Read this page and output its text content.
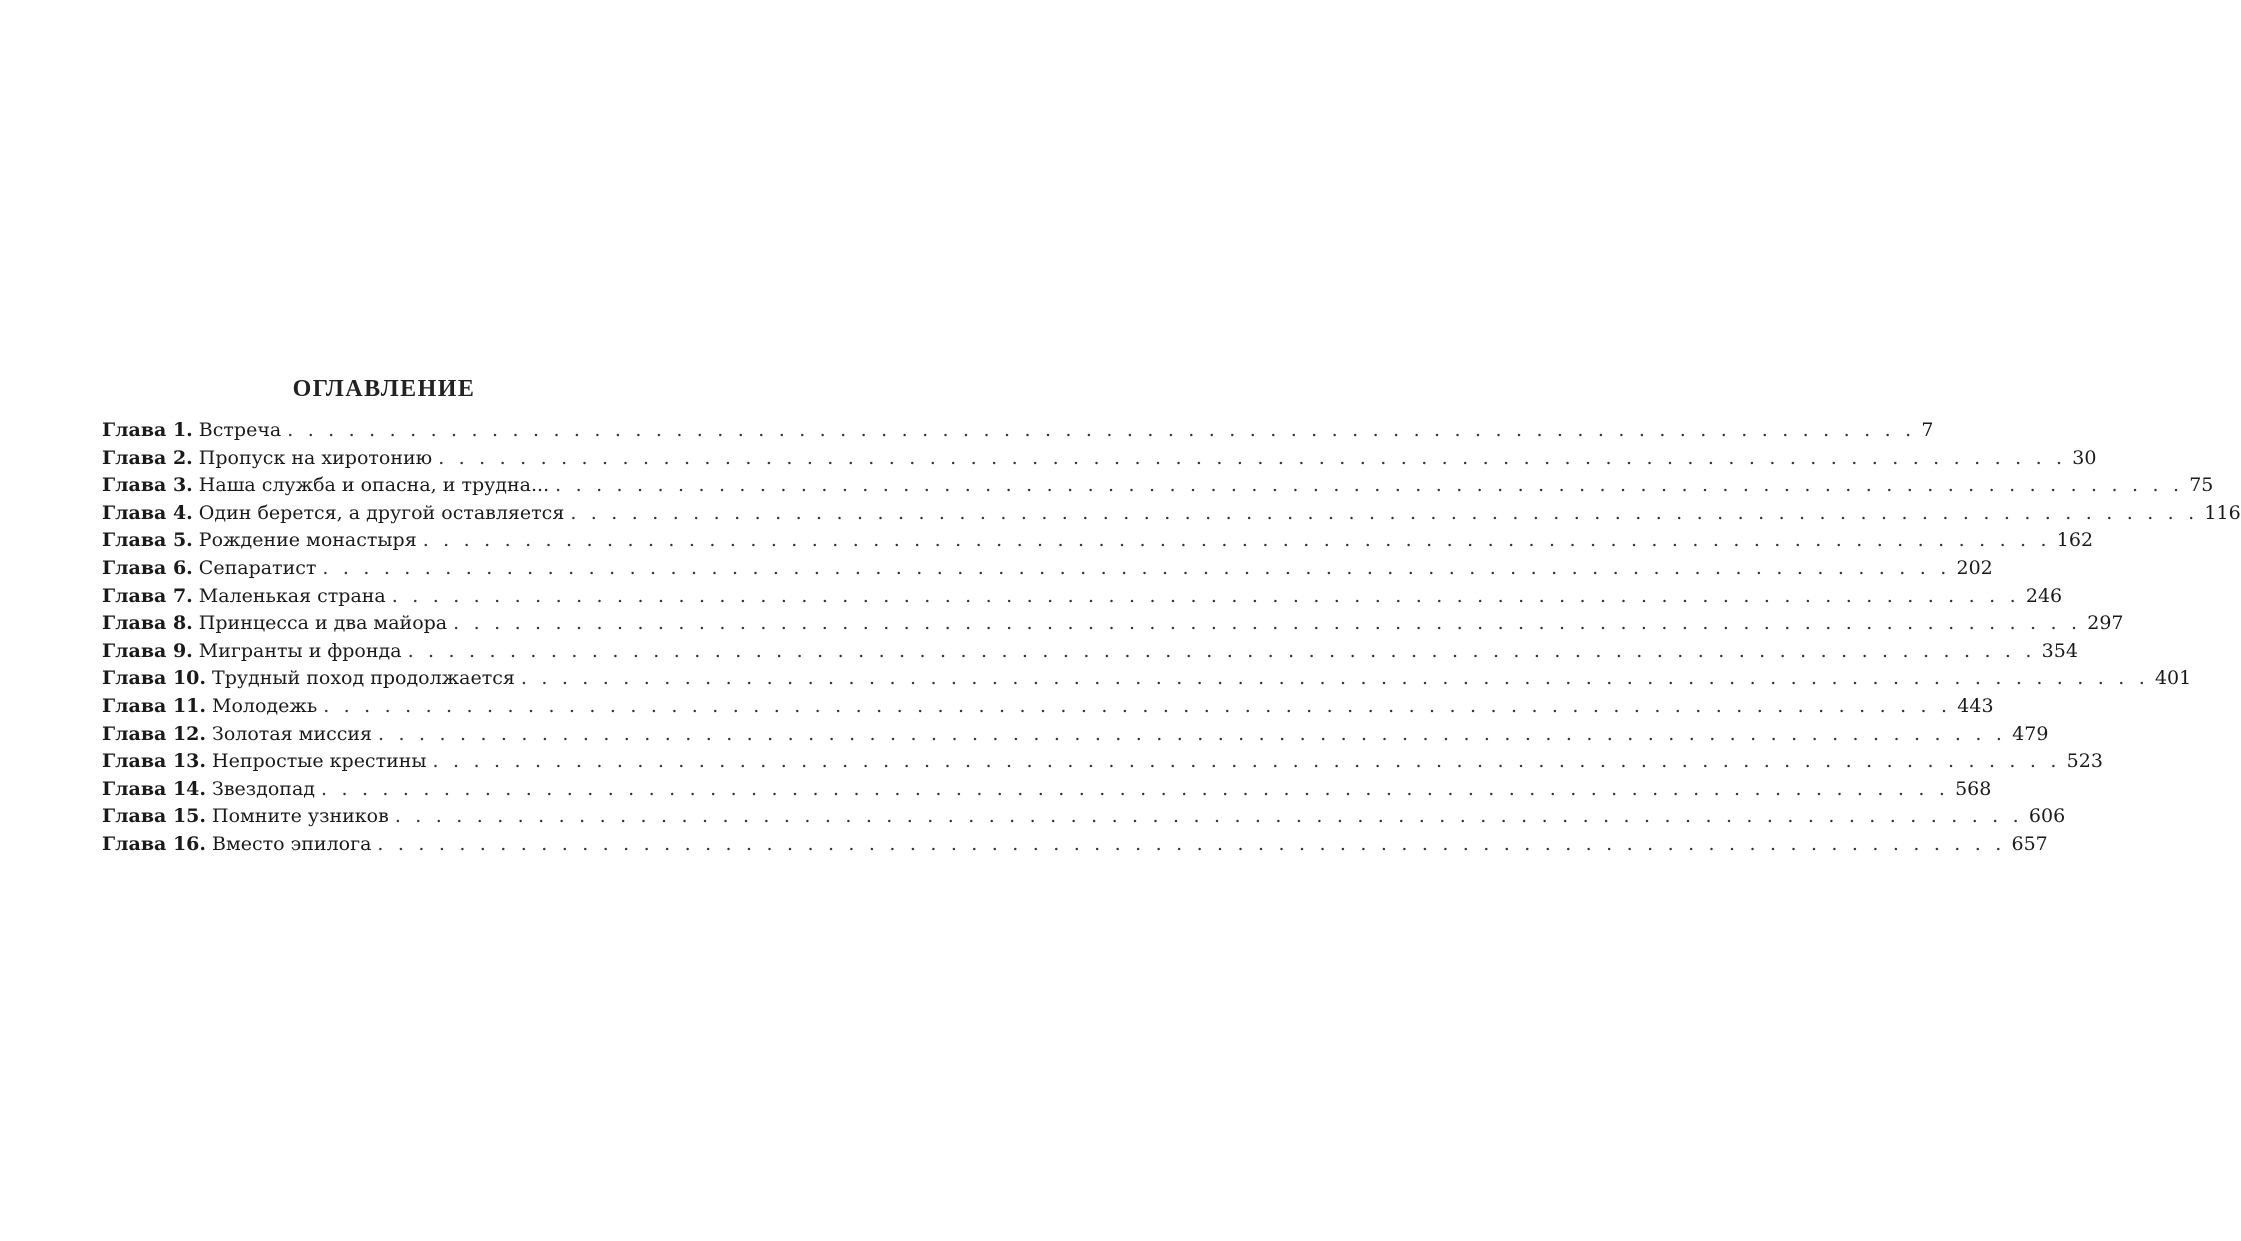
ОГЛАВЛЕНИЕ
Глава 1. Встреча . . . . . . . . . . . . . . . . . . . . . . . . . . . . . . . . . . . . . . . . . . . . . . . . . . . . . . . . . . . . . . . . . . . . . . . . . . . . . . . . 7
Глава 2. Пропуск на хиротонию . . . . . . . . . . . . . . . . . . . . . . . . . . . . . . . . . . . . . . . . . . . . . . . . . . . . . . . . . . . . . . . . . . . . . . . . . . . . . . . . 30
Глава 3. Наша служба и опасна, и трудна... . . . . . . . . . . . . . . . . . . . . . . . . . . . . . . . . . . . . . . . . . . . . . . . . . . . . . . . . . . . . . . . . . . . . . . . . . . . . . . . . 75
Глава 4. Один берется, а другой оставляется . . . . . . . . . . . . . . . . . . . . . . . . . . . . . . . . . . . . . . . . . . . . . . . . . . . . . . . . . . . . . . . . . . . . . . . . . . . . . . . . 116
Глава 5. Рождение монастыря . . . . . . . . . . . . . . . . . . . . . . . . . . . . . . . . . . . . . . . . . . . . . . . . . . . . . . . . . . . . . . . . . . . . . . . . . . . . . . . . 162
Глава 6. Сепаратист . . . . . . . . . . . . . . . . . . . . . . . . . . . . . . . . . . . . . . . . . . . . . . . . . . . . . . . . . . . . . . . . . . . . . . . . . . . . . . . . 202
Глава 7. Маленькая страна . . . . . . . . . . . . . . . . . . . . . . . . . . . . . . . . . . . . . . . . . . . . . . . . . . . . . . . . . . . . . . . . . . . . . . . . . . . . . . . . 246
Глава 8. Принцесса и два майора . . . . . . . . . . . . . . . . . . . . . . . . . . . . . . . . . . . . . . . . . . . . . . . . . . . . . . . . . . . . . . . . . . . . . . . . . . . . . . . . 297
Глава 9. Мигранты и фронда . . . . . . . . . . . . . . . . . . . . . . . . . . . . . . . . . . . . . . . . . . . . . . . . . . . . . . . . . . . . . . . . . . . . . . . . . . . . . . . . 354
Глава 10. Трудный поход продолжается . . . . . . . . . . . . . . . . . . . . . . . . . . . . . . . . . . . . . . . . . . . . . . . . . . . . . . . . . . . . . . . . . . . . . . . . . . . . . . . . 401
Глава 11. Молодежь . . . . . . . . . . . . . . . . . . . . . . . . . . . . . . . . . . . . . . . . . . . . . . . . . . . . . . . . . . . . . . . . . . . . . . . . . . . . . . . . 443
Глава 12. Золотая миссия . . . . . . . . . . . . . . . . . . . . . . . . . . . . . . . . . . . . . . . . . . . . . . . . . . . . . . . . . . . . . . . . . . . . . . . . . . . . . . . . 479
Глава 13. Непростые крестины . . . . . . . . . . . . . . . . . . . . . . . . . . . . . . . . . . . . . . . . . . . . . . . . . . . . . . . . . . . . . . . . . . . . . . . . . . . . . . . . 523
Глава 14. Звездопад . . . . . . . . . . . . . . . . . . . . . . . . . . . . . . . . . . . . . . . . . . . . . . . . . . . . . . . . . . . . . . . . . . . . . . . . . . . . . . . . 568
Глава 15. Помните узников . . . . . . . . . . . . . . . . . . . . . . . . . . . . . . . . . . . . . . . . . . . . . . . . . . . . . . . . . . . . . . . . . . . . . . . . . . . . . . . . 606
Глава 16. Вместо эпилога . . . . . . . . . . . . . . . . . . . . . . . . . . . . . . . . . . . . . . . . . . . . . . . . . . . . . . . . . . . . . . . . . . . . . . . . . . . . . . . . 657
